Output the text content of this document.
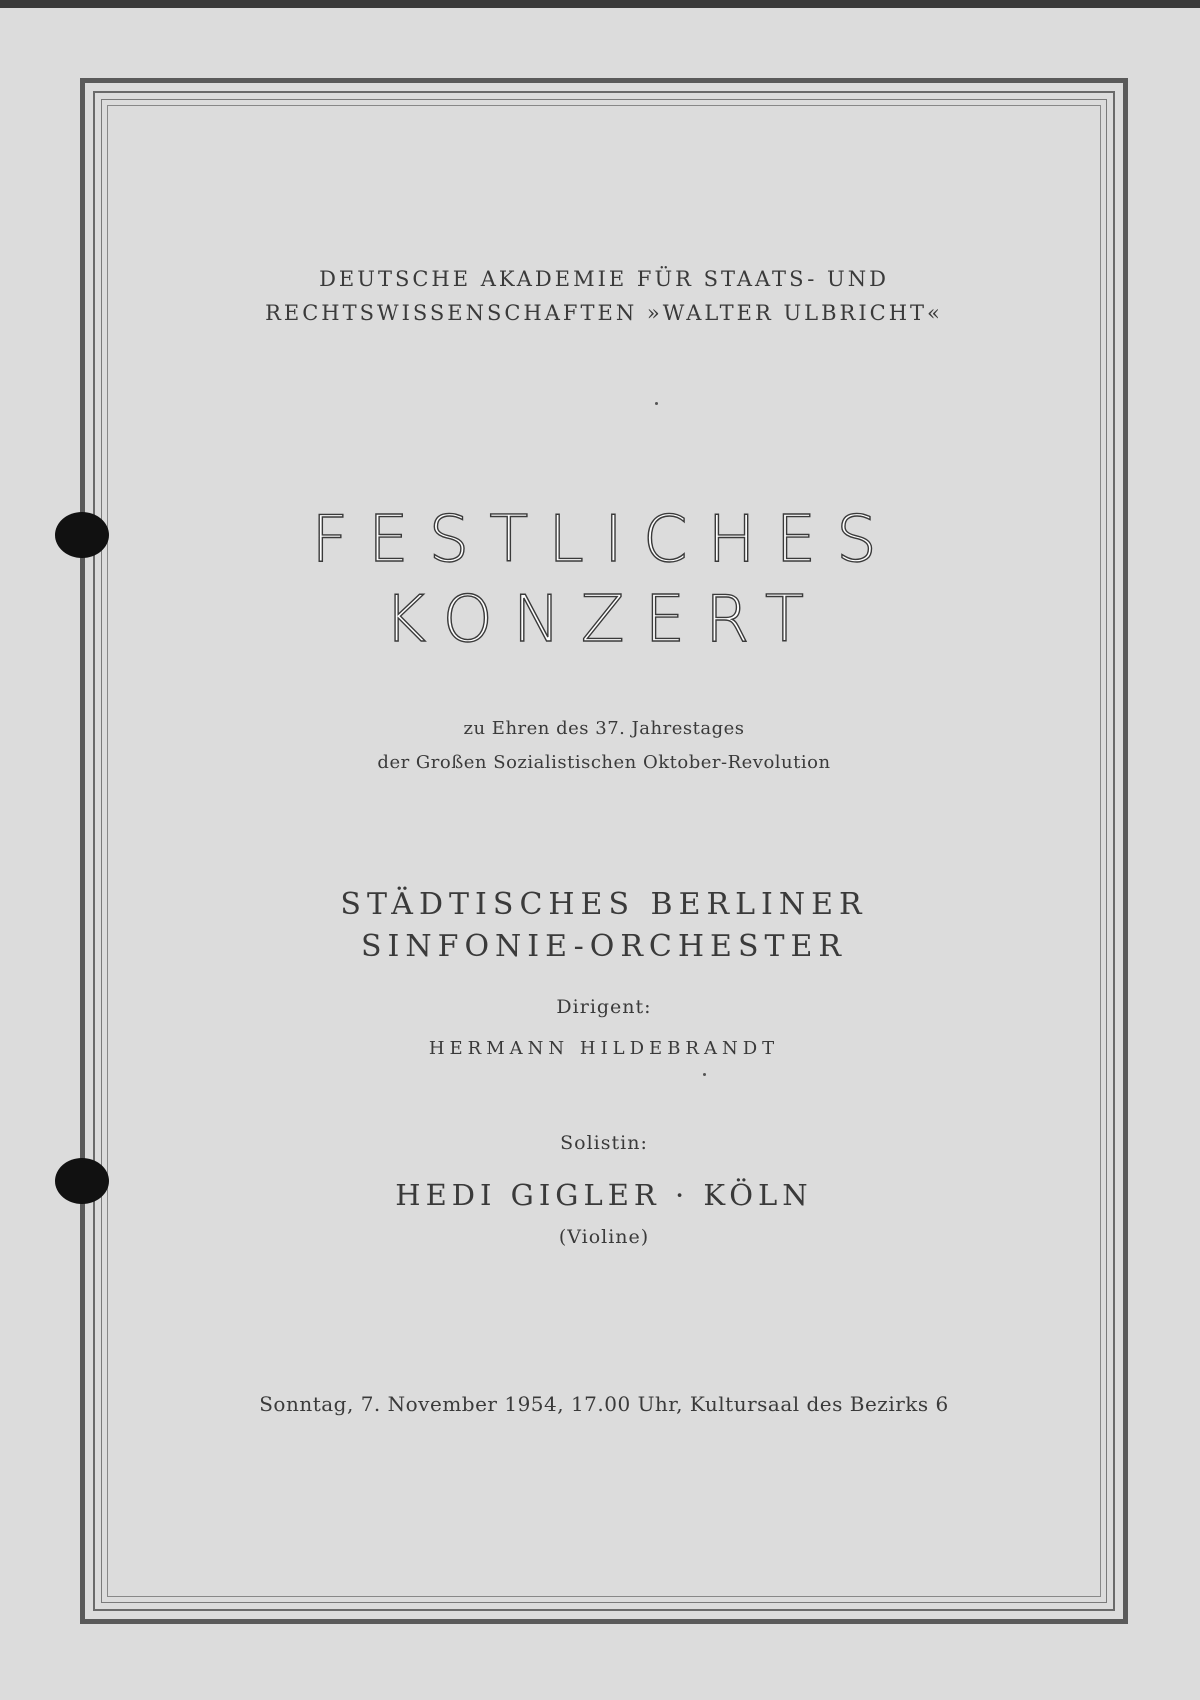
DEUTSCHE AKADEMIE FÜR STAATS- UND
RECHTSWISSENSCHAFTEN »WALTER ULBRICHT«
FESTLICHES
KONZERT
zu Ehren des 37. Jahrestages
der Großen Sozialistischen Oktober-Revolution
STÄDTISCHES BERLINER
SINFONIE-ORCHESTER
Dirigent:
HERMANN HILDEBRANDT
Solistin:
HEDI GIGLER · KÖLN
(Violine)
Sonntag, 7. November 1954, 17.00 Uhr, Kultursaal des Bezirks 6
